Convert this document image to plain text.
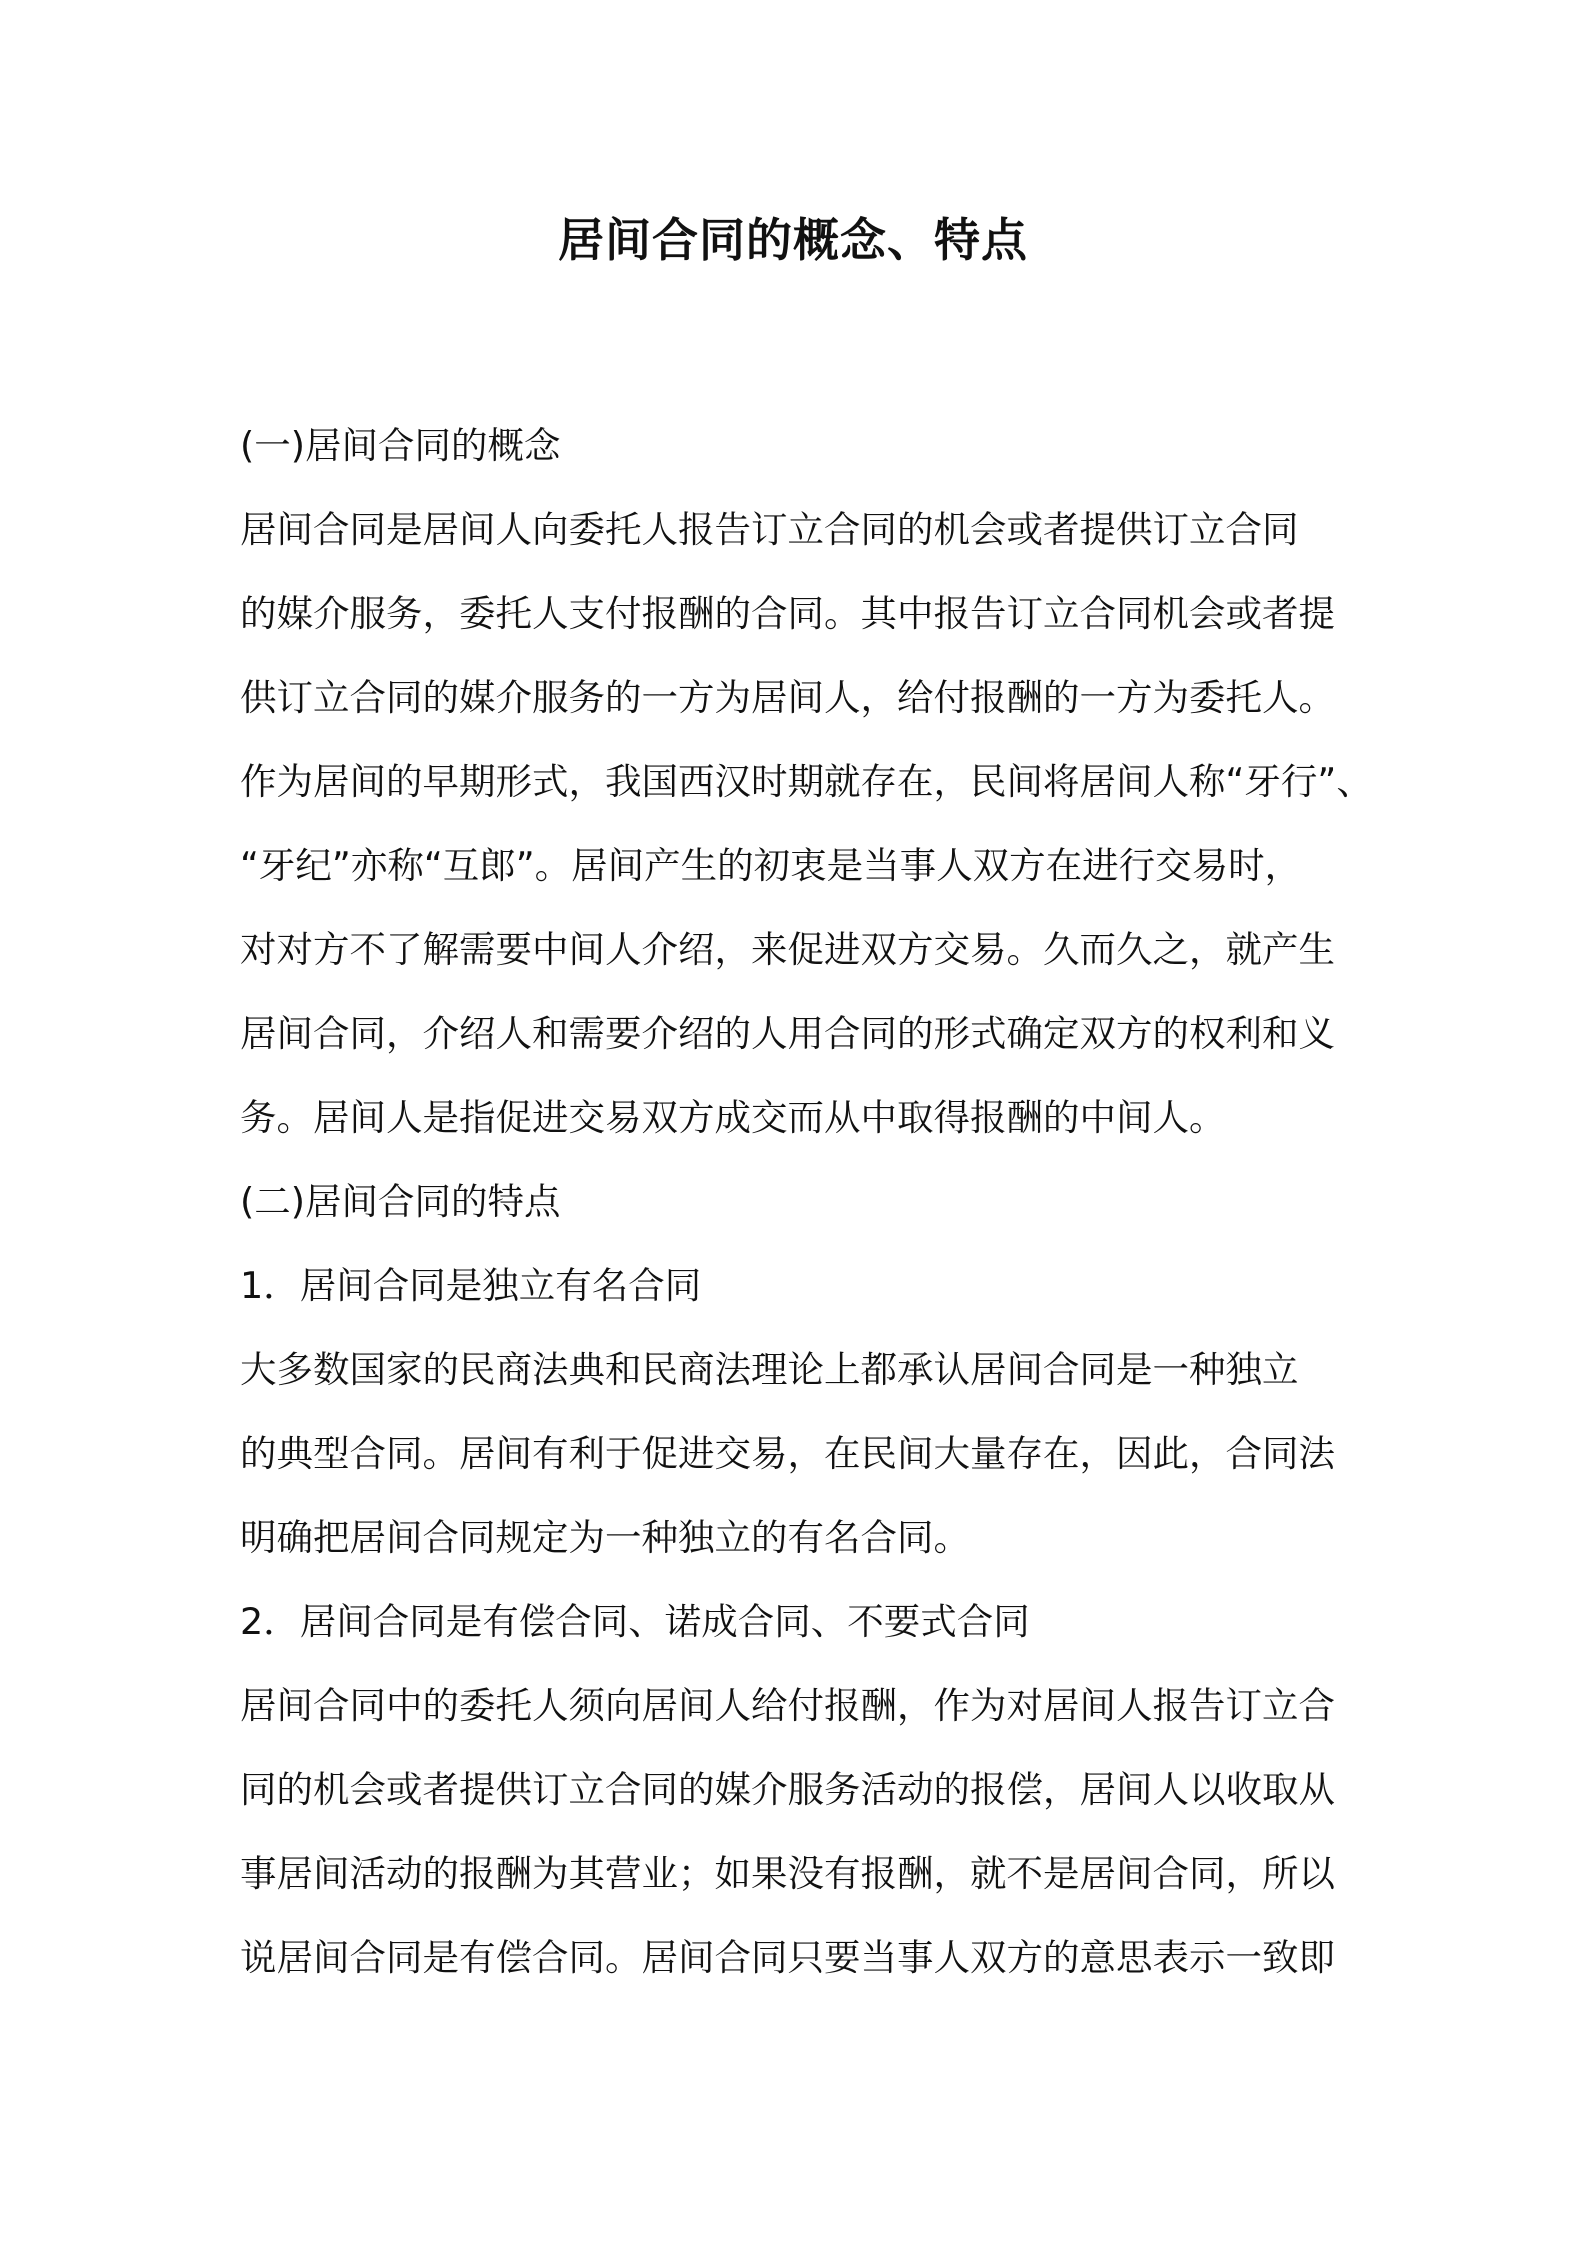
居间合同的概念、特点

(一)居间合同的概念

居间合同是居间人向委托人报告订立合同的机会或者提供订立合同

的媒介服务，委托人支付报酬的合同。其中报告订立合同机会或者提

供订立合同的媒介服务的一方为居间人，给付报酬的一方为委托人。

作为居间的早期形式，我国西汉时期就存在，民间将居间人称“牙行”、

“牙纪”亦称“互郎”。居间产生的初衷是当事人双方在进行交易时，

对对方不了解需要中间人介绍，来促进双方交易。久而久之，就产生

居间合同，介绍人和需要介绍的人用合同的形式确定双方的权利和义

务。居间人是指促进交易双方成交而从中取得报酬的中间人。

(二)居间合同的特点

1．居间合同是独立有名合同

大多数国家的民商法典和民商法理论上都承认居间合同是一种独立

的典型合同。居间有利于促进交易，在民间大量存在，因此，合同法

明确把居间合同规定为一种独立的有名合同。

2．居间合同是有偿合同、诺成合同、不要式合同

居间合同中的委托人须向居间人给付报酬，作为对居间人报告订立合

同的机会或者提供订立合同的媒介服务活动的报偿，居间人以收取从

事居间活动的报酬为其营业；如果没有报酬，就不是居间合同，所以

说居间合同是有偿合同。居间合同只要当事人双方的意思表示一致即
